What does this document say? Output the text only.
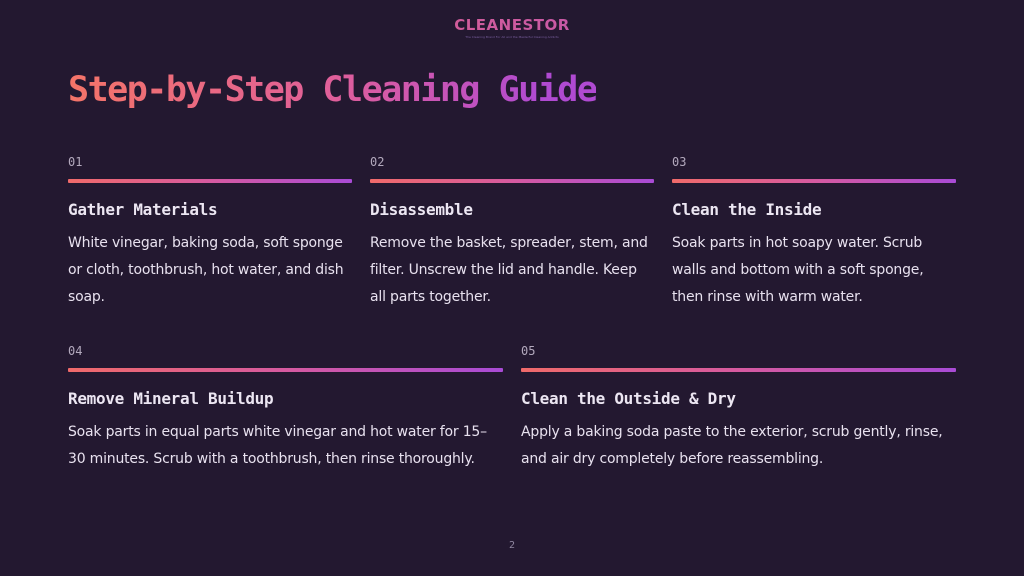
CLEANESTOR
The Cleaning Brand For All and the Masterful Cleaning Addicts
Step-by-Step Cleaning Guide
01
Gather Materials
White vinegar, baking soda, soft sponge or cloth, toothbrush, hot water, and dish soap.
02
Disassemble
Remove the basket, spreader, stem, and filter. Unscrew the lid and handle. Keep all parts together.
03
Clean the Inside
Soak parts in hot soapy water. Scrub walls and bottom with a soft sponge, then rinse with warm water.
04
Remove Mineral Buildup
Soak parts in equal parts white vinegar and hot water for 15–30 minutes. Scrub with a toothbrush, then rinse thoroughly.
05
Clean the Outside & Dry
Apply a baking soda paste to the exterior, scrub gently, rinse, and air dry completely before reassembling.
2
